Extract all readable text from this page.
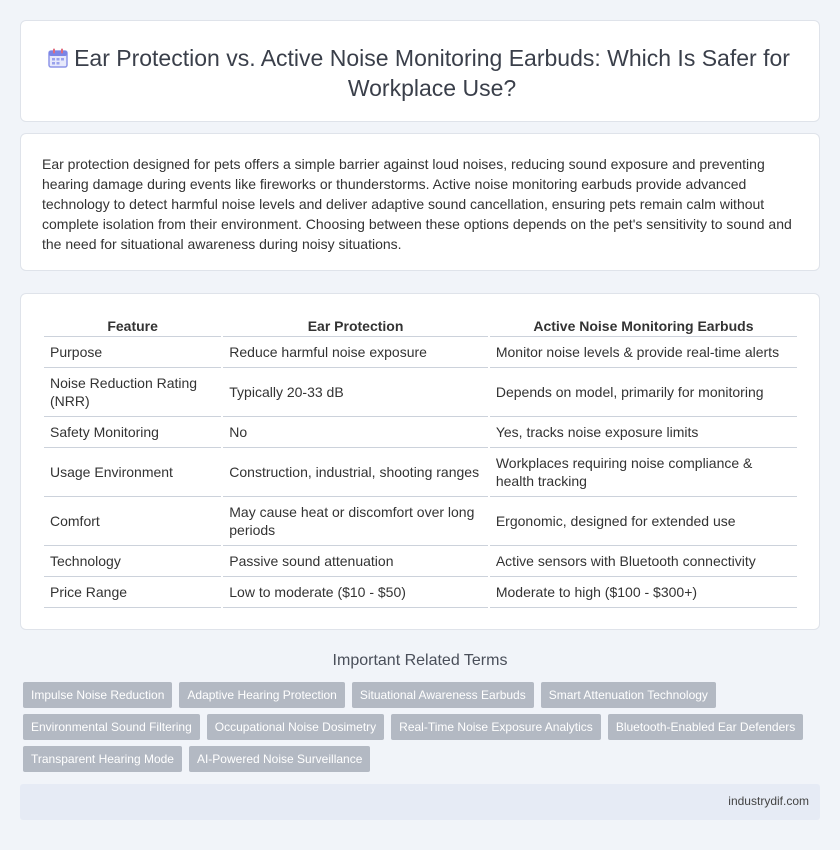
Ear Protection vs. Active Noise Monitoring Earbuds: Which Is Safer for Workplace Use?

Ear protection designed for pets offers a simple barrier against loud noises, reducing sound exposure and preventing hearing damage during events like fireworks or thunderstorms. Active noise monitoring earbuds provide advanced technology to detect harmful noise levels and deliver adaptive sound cancellation, ensuring pets remain calm without complete isolation from their environment. Choosing between these options depends on the pet's sensitivity to sound and the need for situational awareness during noisy situations.

Feature	Ear Protection	Active Noise Monitoring Earbuds
Purpose	Reduce harmful noise exposure	Monitor noise levels & provide real-time alerts
Noise Reduction Rating (NRR)	Typically 20-33 dB	Depends on model, primarily for monitoring
Safety Monitoring	No	Yes, tracks noise exposure limits
Usage Environment	Construction, industrial, shooting ranges	Workplaces requiring noise compliance & health tracking
Comfort	May cause heat or discomfort over long periods	Ergonomic, designed for extended use
Technology	Passive sound attenuation	Active sensors with Bluetooth connectivity
Price Range	Low to moderate ($10 - $50)	Moderate to high ($100 - $300+)
Important Related Terms
Impulse Noise Reduction	Adaptive Hearing Protection	Situational Awareness Earbuds	Smart Attenuation Technology
Environmental Sound Filtering	Occupational Noise Dosimetry	Real-Time Noise Exposure Analytics	Bluetooth-Enabled Ear Defenders
Transparent Hearing Mode	AI-Powered Noise Surveillance
industrydif.com
